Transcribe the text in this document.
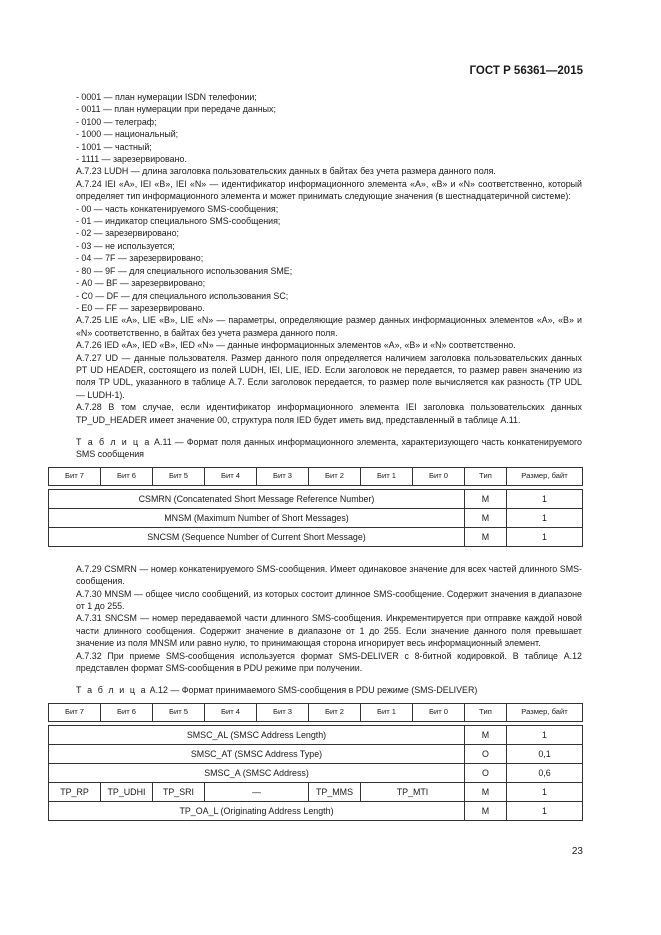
ГОСТ Р 56361—2015

- 0001 — план нумерации ISDN телефонии;

- 0011 — план нумерации при передаче данных;

- 0100 — телеграф;

- 1000 — национальный;

- 1001 — частный;

- 1111 — зарезервировано.

А.7.23 LUDH — длина заголовка пользовательских данных в байтах без учета размера данного поля.

А.7.24 IEI «А», IEI «В», IEI «N» — идентификатор информационного элемента «А», «В» и «N» соответственно, который определяет тип информационного элемента и может принимать следующие значения (в шестнадцатеричной системе):

- 00 — часть конкатенируемого SMS-сообщения;

- 01 — индикатор специального SMS-сообщения;

- 02 — зарезервировано;

- 03 — не используется;

- 04 — 7F — зарезервировано;

- 80 — 9F — для специального использования SME;

- А0 — BF — зарезервировано;

- С0 — DF — для специального использования SC;

- Е0 — FF — зарезервировано.

А.7.25 LIE «А», LIE «В», LIE «N» — параметры, определяющие размер данных информационных элементов «А», «В» и «N» соответственно, в байтах без учета размера данного поля.

А.7.26 IED «А», IED «В», IED «N» — данные информационных элементов «А», «В» и «N» соответственно.

А.7.27 UD — данные пользователя. Размер данного поля определяется наличием заголовка пользовательских данных PT UD HEADER, состоящего из полей LUDH, IEI, LIE, IED. Если заголовок не передается, то размер равен значению из поля TP UDL, указанного в таблице А.7. Если заголовок передается, то размер поле вычисляется как разность (TP UDL — LUDH-1).

А.7.28 В том случае, если идентификатор информационного элемента IEI заголовка пользовательских данных TP_UD_HEADER имеет значение 00, структура поля IED будет иметь вид, представленный в таблице А.11.

Т а б л и ц а А.11 — Формат поля данных информационного элемента, характеризующего часть конкатенируемого SMS сообщения

Бит 7	Бит 6	Бит 5	Бит 4	Бит 3	Бит 2	Бит 1	Бит 0	Тип	Размер, байт

CSMRN (Concatenated Short Message Reference Number)								M	1
MNSM (Maximum Number of Short Messages)								M	1
SNCSM (Sequence Number of Current Short Message)								M	1

А.7.29 CSMRN — номер конкатенируемого SMS-сообщения. Имеет одинаковое значение для всех частей длинного SMS-сообщения.

А.7.30 MNSM — общее число сообщений, из которых состоит длинное SMS-сообщение. Содержит значения в диапазоне от 1 до 255.

А.7.31 SNCSM — номер передаваемой части длинного SMS-сообщения. Инкрементируется при отправке каждой новой части длинного сообщения. Содержит значение в диапазоне от 1 до 255. Если значение данного поля превышает значение из поля MNSM или равно нулю, то принимающая сторона игнорирует весь информационный элемент.

А.7.32 При приеме SMS-сообщения используется формат SMS-DELIVER с 8-битной кодировкой. В таблице А.12 представлен формат SMS-сообщения в PDU режиме при получении.

Т а б л и ц а А.12 — Формат принимаемого SMS-сообщения в PDU режиме (SMS-DELIVER)

Бит 7	Бит 6	Бит 5	Бит 4	Бит 3	Бит 2	Бит 1	Бит 0	Тип	Размер, байт

SMSC_AL (SMSC Address Length)								M	1
SMSC_AT (SMSC Address Type)								O	0,1
SMSC_A (SMSC Address)								O	0,6
TP_RP	TP_UDHI	TP_SRI	—		TP_MMS	TP_MTI		M	1
TP_OA_L (Originating Address Length)								M	1
23
